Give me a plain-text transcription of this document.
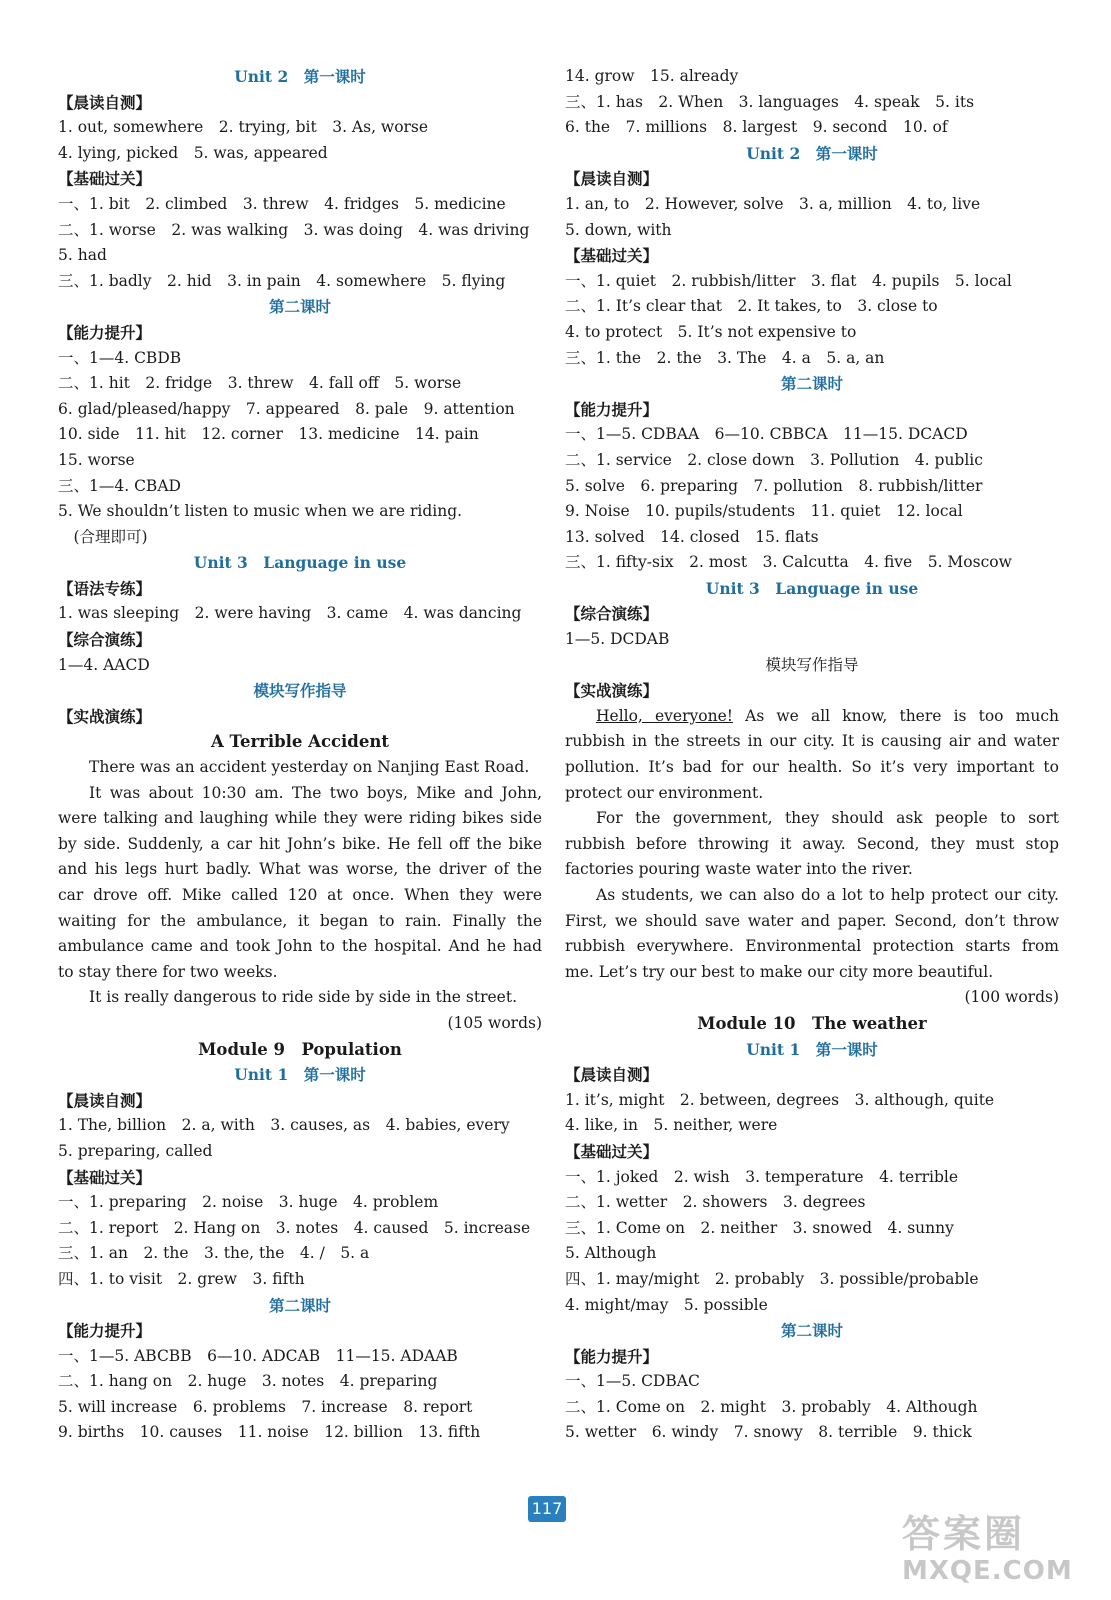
Unit 2　第一课时
【晨读自测】
1. out, somewhere　2. trying, bit　3. As, worse
4. lying, picked　5. was, appeared
【基础过关】
一、1. bit　2. climbed　3. threw　4. fridges　5. medicine
二、1. worse　2. was walking　3. was doing　4. was driving
5. had
三、1. badly　2. hid　3. in pain　4. somewhere　5. flying
第二课时
【能力提升】
一、1—4. CBDB
二、1. hit　2. fridge　3. threw　4. fall off　5. worse
6. glad/pleased/happy　7. appeared　8. pale　9. attention
10. side　11. hit　12. corner　13. medicine　14. pain
15. worse
三、1—4. CBAD
5. We shouldn’t listen to music when we are riding.
　(合理即可)
Unit 3　Language in use
【语法专练】
1. was sleeping　2. were having　3. came　4. was dancing
【综合演练】
1—4. AACD
模块写作指导
【实战演练】
A Terrible Accident
There was an accident yesterday on Nanjing East Road.
It was about 10:30 am. The two boys, Mike and John, were talking and laughing while they were riding bikes side by side. Suddenly, a car hit John’s bike. He fell off the bike and his legs hurt badly. What was worse, the driver of the car drove off. Mike called 120 at once. When they were waiting for the ambulance, it began to rain. Finally the ambulance came and took John to the hospital. And he had to stay there for two weeks.
It is really dangerous to ride side by side in the street.
(105 words)
Module 9　Population
Unit 1　第一课时
【晨读自测】
1. The, billion　2. a, with　3. causes, as　4. babies, every
5. preparing, called
【基础过关】
一、1. preparing　2. noise　3. huge　4. problem
二、1. report　2. Hang on　3. notes　4. caused　5. increase
三、1. an　2. the　3. the, the　4. /　5. a
四、1. to visit　2. grew　3. fifth
第二课时
【能力提升】
一、1—5. ABCBB　6—10. ADCAB　11—15. ADAAB
二、1. hang on　2. huge　3. notes　4. preparing
5. will increase　6. problems　7. increase　8. report
9. births　10. causes　11. noise　12. billion　13. fifth
14. grow　15. already
三、1. has　2. When　3. languages　4. speak　5. its
6. the　7. millions　8. largest　9. second　10. of
Unit 2　第一课时
【晨读自测】
1. an, to　2. However, solve　3. a, million　4. to, live
5. down, with
【基础过关】
一、1. quiet　2. rubbish/litter　3. flat　4. pupils　5. local
二、1. It’s clear that　2. It takes, to　3. close to
4. to protect　5. It’s not expensive to
三、1. the　2. the　3. The　4. a　5. a, an
第二课时
【能力提升】
一、1—5. CDBAA　6—10. CBBCA　11—15. DCACD
二、1. service　2. close down　3. Pollution　4. public
5. solve　6. preparing　7. pollution　8. rubbish/litter
9. Noise　10. pupils/students　11. quiet　12. local
13. solved　14. closed　15. flats
三、1. fifty-six　2. most　3. Calcutta　4. five　5. Moscow
Unit 3　Language in use
【综合演练】
1—5. DCDAB
模块写作指导
【实战演练】
Hello, everyone! As we all know, there is too much rubbish in the streets in our city. It is causing air and water pollution. It’s bad for our health. So it’s very important to protect our environment.
For the government, they should ask people to sort rubbish before throwing it away. Second, they must stop factories pouring waste water into the river.
As students, we can also do a lot to help protect our city. First, we should save water and paper. Second, don’t throw rubbish everywhere. Environmental protection starts from me. Let’s try our best to make our city more beautiful.
(100 words)
Module 10　The weather
Unit 1　第一课时
【晨读自测】
1. it’s, might　2. between, degrees　3. although, quite
4. like, in　5. neither, were
【基础过关】
一、1. joked　2. wish　3. temperature　4. terrible
二、1. wetter　2. showers　3. degrees
三、1. Come on　2. neither　3. snowed　4. sunny
5. Although
四、1. may/might　2. probably　3. possible/probable
4. might/may　5. possible
第二课时
【能力提升】
一、1—5. CDBAC
二、1. Come on　2. might　3. probably　4. Although
5. wetter　6. windy　7. snowy　8. terrible　9. thick
117
答案圈
MXQE.COM
